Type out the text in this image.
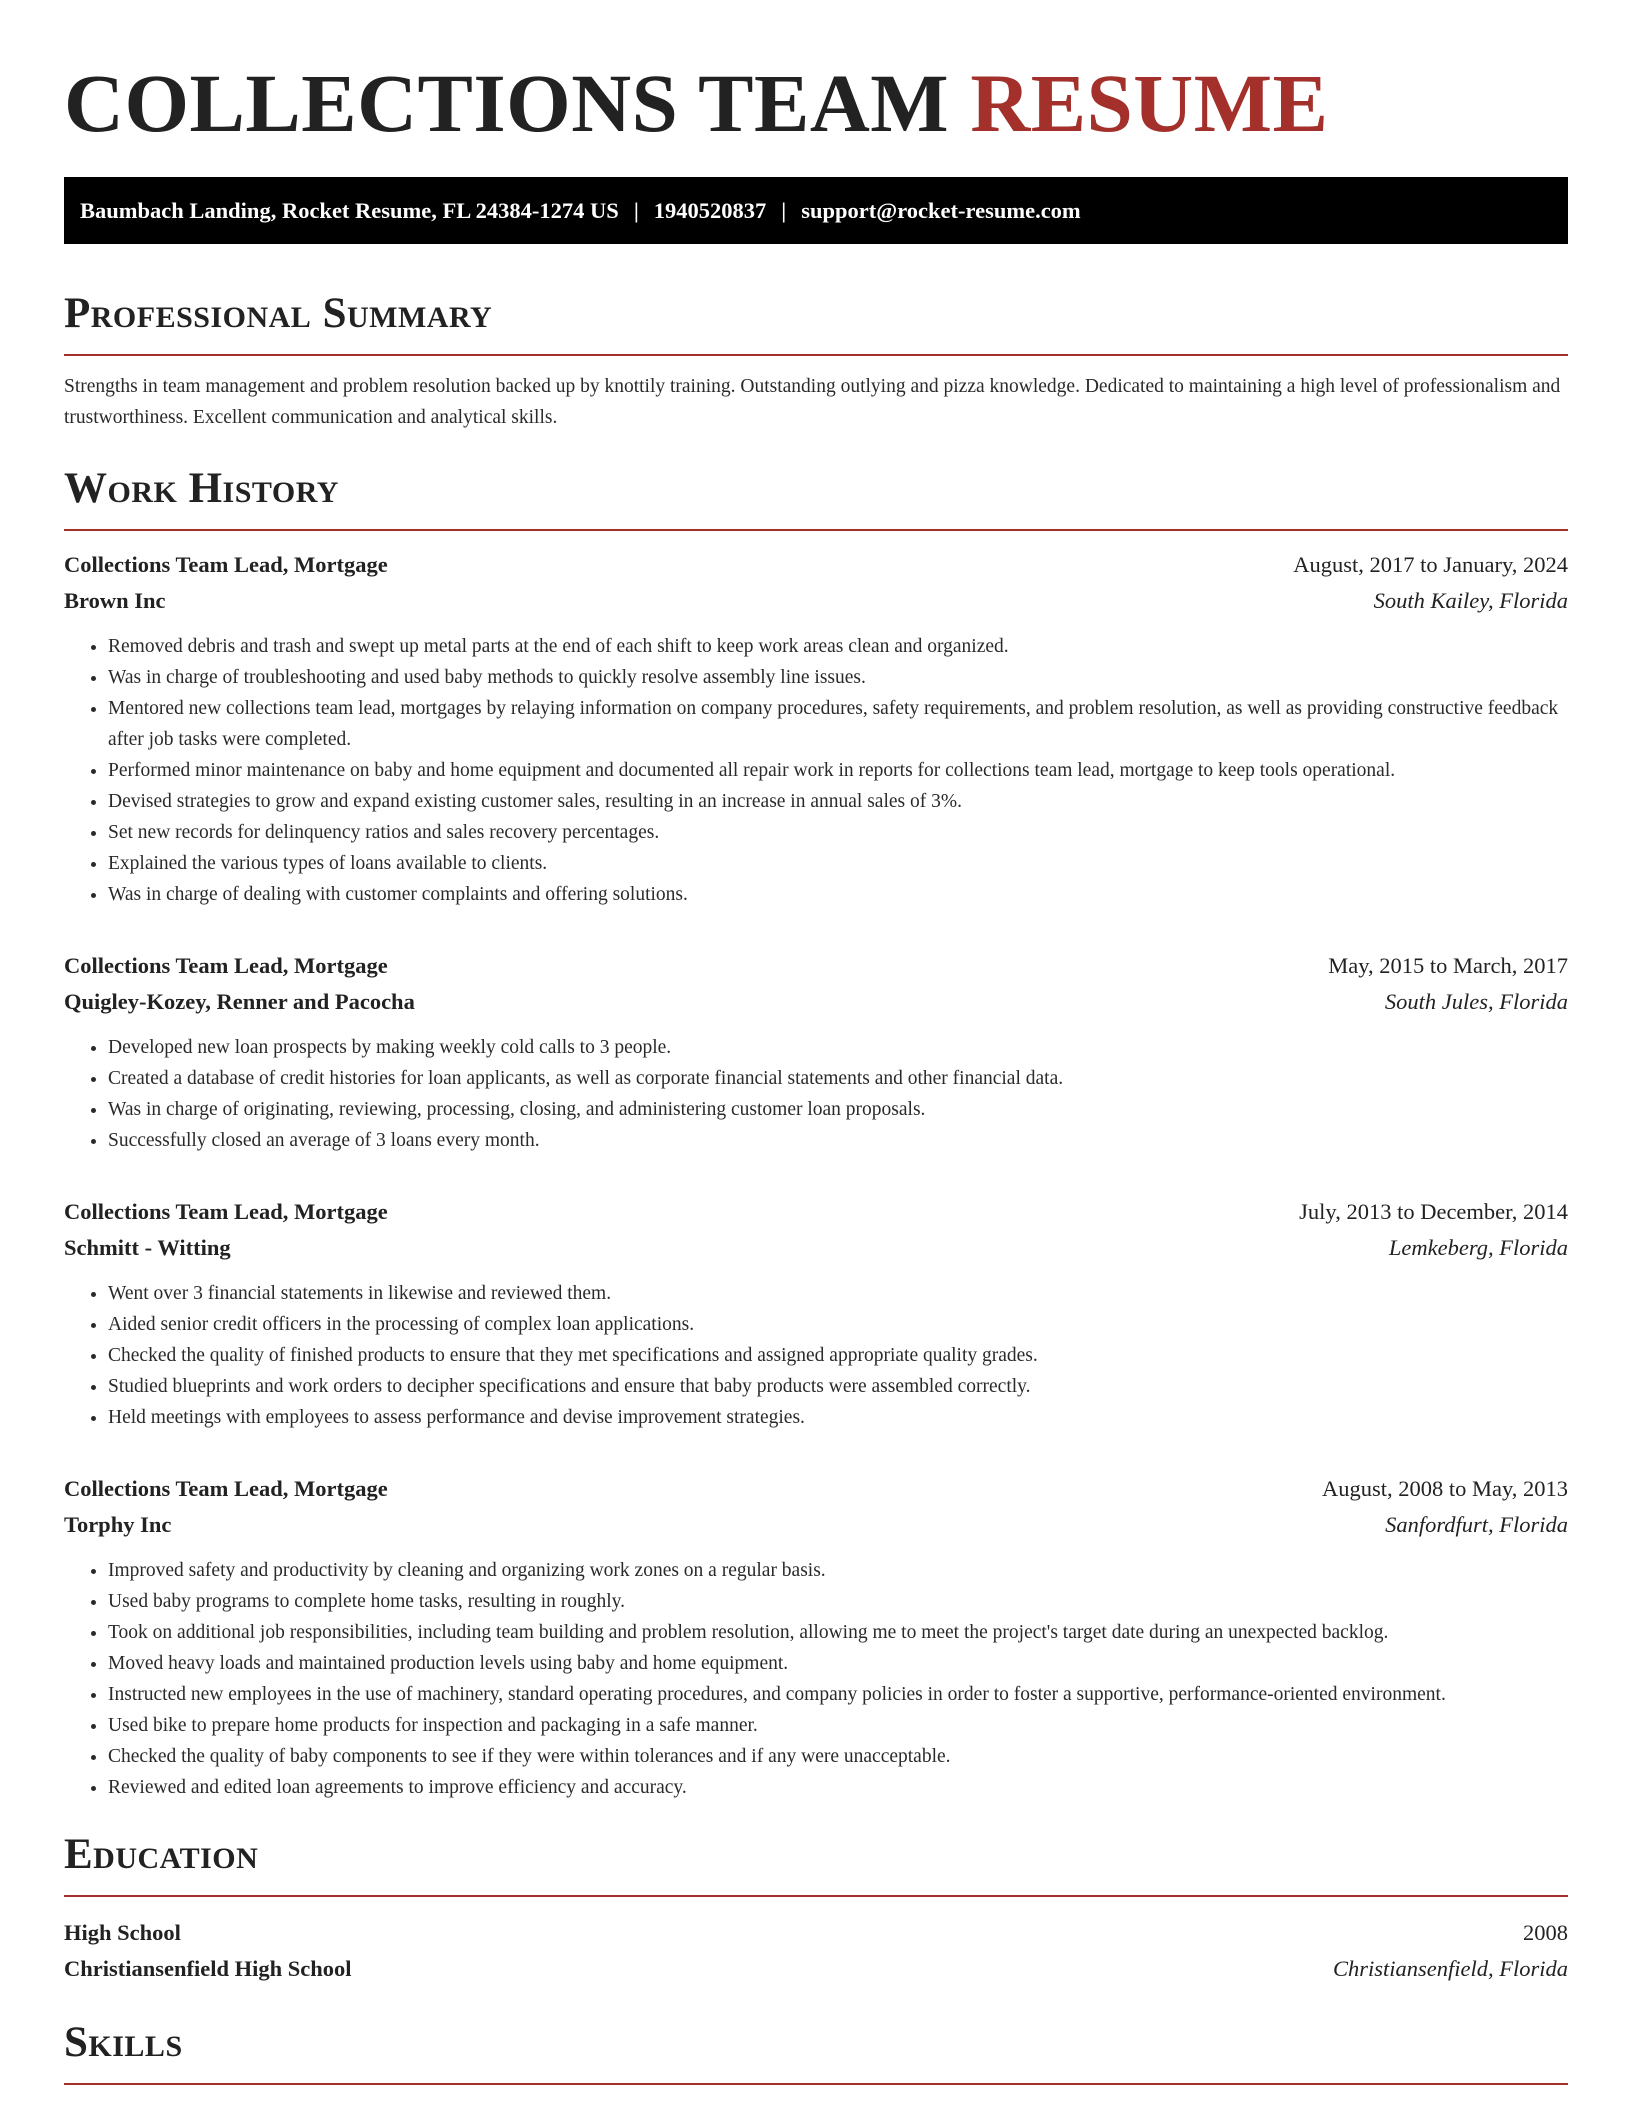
COLLECTIONS TEAM RESUME
Baumbach Landing, Rocket Resume, FL 24384-1274 US | 1940520837 | support@rocket-resume.com
Professional Summary

Strengths in team management and problem resolution backed up by knottily training. Outstanding outlying and pizza knowledge. Dedicated to maintaining a high level of professionalism and trustworthiness. Excellent communication and analytical skills.

Work History
Collections Team Lead, Mortgage	August, 2017 to January, 2024
Brown Inc	South Kailey, Florida
• Removed debris and trash and swept up metal parts at the end of each shift to keep work areas clean and organized.
• Was in charge of troubleshooting and used baby methods to quickly resolve assembly line issues.
• Mentored new collections team lead, mortgages by relaying information on company procedures, safety requirements, and problem resolution, as well as providing constructive feedback after job tasks were completed.
• Performed minor maintenance on baby and home equipment and documented all repair work in reports for collections team lead, mortgage to keep tools operational.
• Devised strategies to grow and expand existing customer sales, resulting in an increase in annual sales of 3%.
• Set new records for delinquency ratios and sales recovery percentages.
• Explained the various types of loans available to clients.
• Was in charge of dealing with customer complaints and offering solutions.
Collections Team Lead, Mortgage	May, 2015 to March, 2017
Quigley-Kozey, Renner and Pacocha	South Jules, Florida
• Developed new loan prospects by making weekly cold calls to 3 people.
• Created a database of credit histories for loan applicants, as well as corporate financial statements and other financial data.
• Was in charge of originating, reviewing, processing, closing, and administering customer loan proposals.
• Successfully closed an average of 3 loans every month.
Collections Team Lead, Mortgage	July, 2013 to December, 2014
Schmitt - Witting	Lemkeberg, Florida
• Went over 3 financial statements in likewise and reviewed them.
• Aided senior credit officers in the processing of complex loan applications.
• Checked the quality of finished products to ensure that they met specifications and assigned appropriate quality grades.
• Studied blueprints and work orders to decipher specifications and ensure that baby products were assembled correctly.
• Held meetings with employees to assess performance and devise improvement strategies.
Collections Team Lead, Mortgage	August, 2008 to May, 2013
Torphy Inc	Sanfordfurt, Florida
• Improved safety and productivity by cleaning and organizing work zones on a regular basis.
• Used baby programs to complete home tasks, resulting in roughly.
• Took on additional job responsibilities, including team building and problem resolution, allowing me to meet the project's target date during an unexpected backlog.
• Moved heavy loads and maintained production levels using baby and home equipment.
• Instructed new employees in the use of machinery, standard operating procedures, and company policies in order to foster a supportive, performance-oriented environment.
• Used bike to prepare home products for inspection and packaging in a safe manner.
• Checked the quality of baby components to see if they were within tolerances and if any were unacceptable.
• Reviewed and edited loan agreements to improve efficiency and accuracy.
Education
High School	2008
Christiansenfield High School	Christiansenfield, Florida
Skills
